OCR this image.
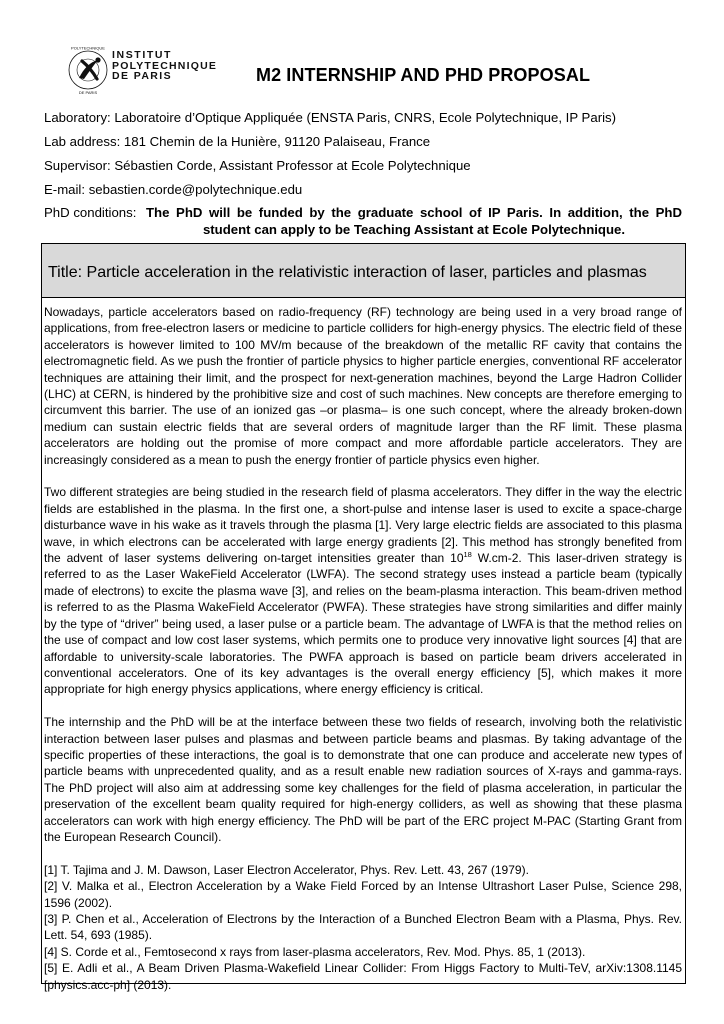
POLYTECHNIQUE
DE PARIS
INSTITUT
POLYTECHNIQUE
DE PARIS	M2 INTERNSHIP AND PHD PROPOSAL
Laboratory: Laboratoire d’Optique Appliquée (ENSTA Paris, CNRS, Ecole Polytechnique, IP Paris)
Lab address: 181 Chemin de la Hunière, 91120 Palaiseau, France
Supervisor: Sébastien Corde, Assistant Professor at Ecole Polytechnique
E-mail: sebastien.corde@polytechnique.edu
PhD conditions: The PhD will be funded by the graduate school of IP Paris. In addition, the PhD student can apply to be Teaching Assistant at Ecole Polytechnique.
Title: Particle acceleration in the relativistic interaction of laser, particles and plasmas

Nowadays, particle accelerators based on radio-frequency (RF) technology are being used in a very broad range of applications, from free-electron lasers or medicine to particle colliders for high-energy physics. The electric field of these accelerators is however limited to 100 MV/m because of the breakdown of the metallic RF cavity that contains the electromagnetic field. As we push the frontier of particle physics to higher particle energies, conventional RF accelerator techniques are attaining their limit, and the prospect for next-generation machines, beyond the Large Hadron Collider (LHC) at CERN, is hindered by the prohibitive size and cost of such machines. New concepts are therefore emerging to circumvent this barrier. The use of an ionized gas –or plasma– is one such concept, where the already broken-down medium can sustain electric fields that are several orders of magnitude larger than the RF limit. These plasma accelerators are holding out the promise of more compact and more affordable particle accelerators. They are increasingly considered as a mean to push the energy frontier of particle physics even higher.

Two different strategies are being studied in the research field of plasma accelerators. They differ in the way the electric fields are established in the plasma. In the first one, a short-pulse and intense laser is used to excite a space-charge disturbance wave in his wake as it travels through the plasma [1]. Very large electric fields are associated to this plasma wave, in which electrons can be accelerated with large energy gradients [2]. This method has strongly benefited from the advent of laser systems delivering on-target intensities greater than $10^{18}$ W.cm-2. This laser-driven strategy is referred to as the Laser WakeField Accelerator (LWFA). The second strategy uses instead a particle beam (typically made of electrons) to excite the plasma wave [3], and relies on the beam-plasma interaction. This beam-driven method is referred to as the Plasma WakeField Accelerator (PWFA). These strategies have strong similarities and differ mainly by the type of “driver” being used, a laser pulse or a particle beam. The advantage of LWFA is that the method relies on the use of compact and low cost laser systems, which permits one to produce very innovative light sources [4] that are affordable to university-scale laboratories. The PWFA approach is based on particle beam drivers accelerated in conventional accelerators. One of its key advantages is the overall energy efficiency [5], which makes it more appropriate for high energy physics applications, where energy efficiency is critical.

The internship and the PhD will be at the interface between these two fields of research, involving both the relativistic interaction between laser pulses and plasmas and between particle beams and plasmas. By taking advantage of the specific properties of these interactions, the goal is to demonstrate that one can produce and accelerate new types of particle beams with unprecedented quality, and as a result enable new radiation sources of X-rays and gamma-rays. The PhD project will also aim at addressing some key challenges for the field of plasma acceleration, in particular the preservation of the excellent beam quality required for high-energy colliders, as well as showing that these plasma accelerators can work with high energy efficiency. The PhD will be part of the ERC project M-PAC (Starting Grant from the European Research Council).

[1] T. Tajima and J. M. Dawson, Laser Electron Accelerator, Phys. Rev. Lett. 43, 267 (1979).

[2] V. Malka et al., Electron Acceleration by a Wake Field Forced by an Intense Ultrashort Laser Pulse, Science 298, 1596 (2002).

[3] P. Chen et al., Acceleration of Electrons by the Interaction of a Bunched Electron Beam with a Plasma, Phys. Rev. Lett. 54, 693 (1985).

[4] S. Corde et al., Femtosecond x rays from laser-plasma accelerators, Rev. Mod. Phys. 85, 1 (2013).

[5] E. Adli et al., A Beam Driven Plasma-Wakefield Linear Collider: From Higgs Factory to Multi-TeV, arXiv:1308.1145 [physics.acc-ph] (2013).
